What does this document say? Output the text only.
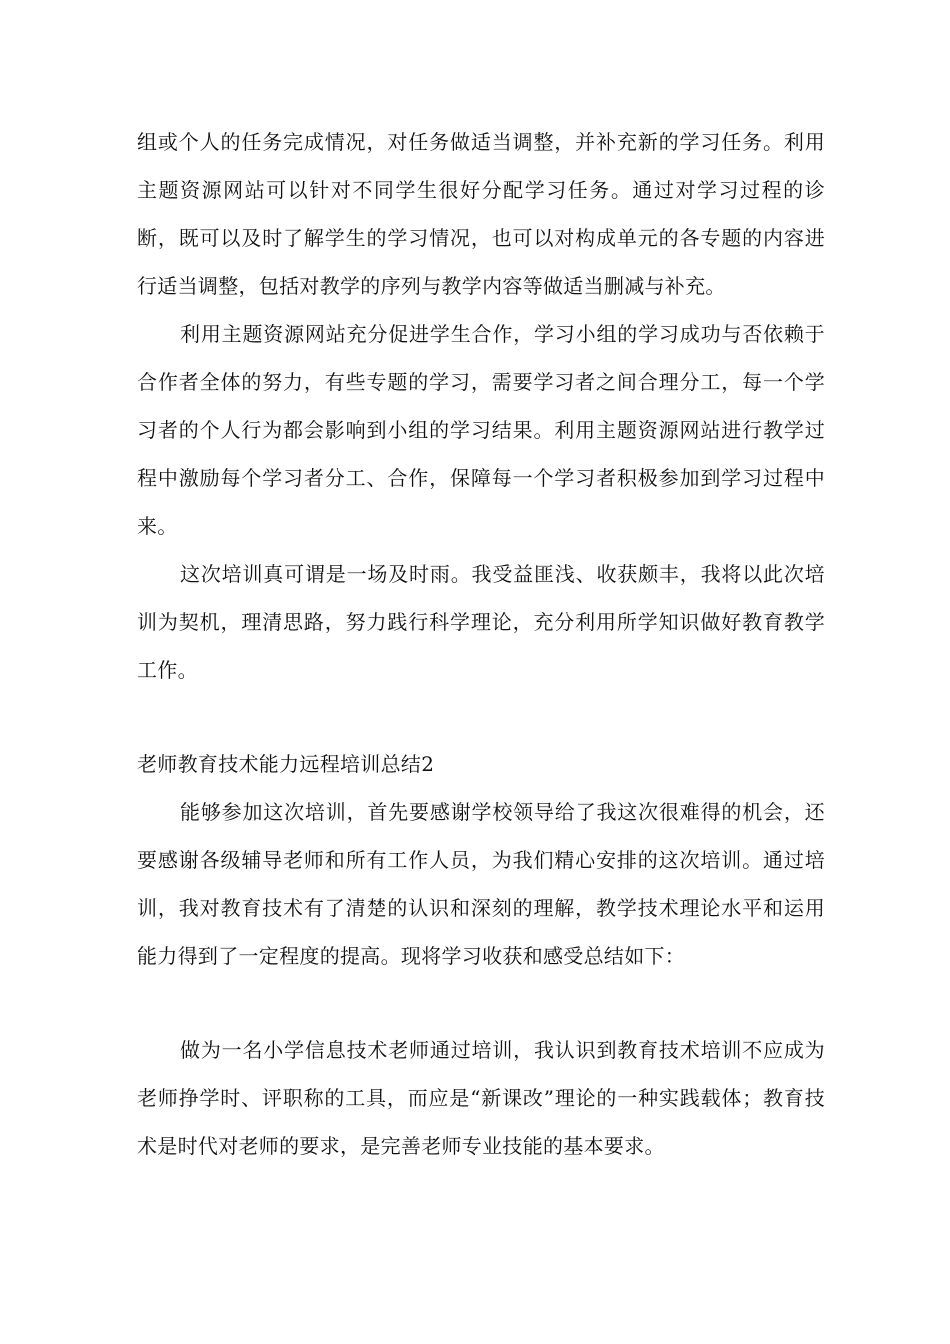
组或个人的任务完成情况，对任务做适当调整，并补充新的学习任务。利用主题资源网站可以针对不同学生很好分配学习任务。通过对学习过程的诊断，既可以及时了解学生的学习情况，也可以对构成单元的各专题的内容进行适当调整，包括对教学的序列与教学内容等做适当删减与补充。

利用主题资源网站充分促进学生合作，学习小组的学习成功与否依赖于合作者全体的努力，有些专题的学习，需要学习者之间合理分工，每一个学习者的个人行为都会影响到小组的学习结果。利用主题资源网站进行教学过程中激励每个学习者分工、合作，保障每一个学习者积极参加到学习过程中来。

这次培训真可谓是一场及时雨。我受益匪浅、收获颇丰，我将以此次培训为契机，理清思路，努力践行科学理论，充分利用所学知识做好教育教学工作。

老师教育技术能力远程培训总结2

能够参加这次培训，首先要感谢学校领导给了我这次很难得的机会，还要感谢各级辅导老师和所有工作人员，为我们精心安排的这次培训。通过培训，我对教育技术有了清楚的认识和深刻的理解，教学技术理论水平和运用能力得到了一定程度的提高。现将学习收获和感受总结如下：

做为一名小学信息技术老师通过培训，我认识到教育技术培训不应成为老师挣学时、评职称的工具，而应是“新课改”理论的一种实践载体；教育技术是时代对老师的要求，是完善老师专业技能的基本要求。
